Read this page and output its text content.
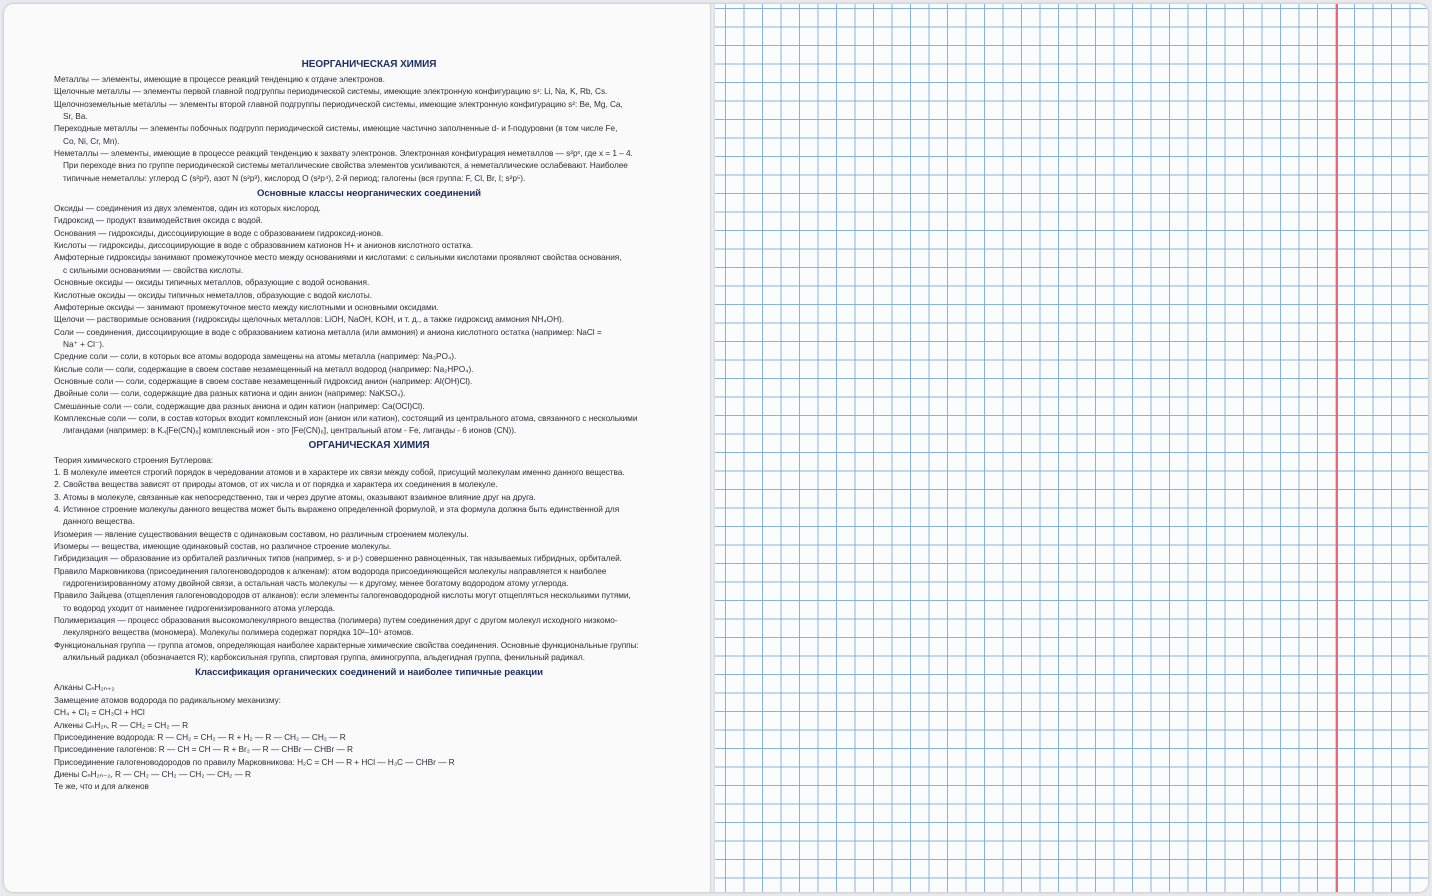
НЕОРГАНИЧЕСКАЯ ХИМИЯ
Металлы — элементы, имеющие в процессе реакций тенденцию к отдаче электронов.
Щелочные металлы — элементы первой главной подгруппы периодической системы, имеющие электронную конфигурацию s¹: Li, Na, K, Rb, Cs.
Щелочноземельные металлы — элементы второй главной подгруппы периодической системы, имеющие электронную конфигурацию s²: Be, Mg, Ca,
Sr, Ba.
Переходные металлы — элементы побочных подгрупп периодической системы, имеющие частично заполненные d- и f-подуровни (в том числе Fe,
Co, Ni, Cr, Mn).
Неметаллы — элементы, имеющие в процессе реакций тенденцию к захвату электронов. Электронная конфигурация неметаллов — s²pˣ, где x = 1 – 4.
При переходе вниз по группе периодической системы металлические свойства элементов усиливаются, а неметаллические ослабевают. Наиболее
типичные неметаллы: углерод C (s²p²), азот N (s²p³), кислород O (s²p⁴), 2-й период; галогены (вся группа: F, Cl, Br, I; s²p⁵).
Основные классы неорганических соединений
Оксиды — соединения из двух элементов, один из которых кислород.
Гидроксид — продукт взаимодействия оксида с водой.
Основания — гидроксиды, диссоциирующие в воде с образованием гидроксид-ионов.
Кислоты — гидроксиды, диссоциирующие в воде с образованием катионов H+ и анионов кислотного остатка.
Амфотерные гидроксиды занимают промежуточное место между основаниями и кислотами: с сильными кислотами проявляют свойства основания,
с сильными основаниями — свойства кислоты.
Основные оксиды — оксиды типичных металлов, образующие с водой основания.
Кислотные оксиды — оксиды типичных неметаллов, образующие с водой кислоты.
Амфотерные оксиды — занимают промежуточное место между кислотными и основными оксидами.
Щелочи — растворимые основания (гидроксиды щелочных металлов: LiOH, NaOH, KOH, и т. д., а также гидроксид аммония NH₄OH).
Соли — соединения, диссоциирующие в воде с образованием катиона металла (или аммония) и аниона кислотного остатка (например: NaCl =
Na⁺ + Cl⁻).
Средние соли — соли, в которых все атомы водорода замещены на атомы металла (например: Na₃PO₄).
Кислые соли — соли, содержащие в своем составе незамещенный на металл водород (например: Na₂HPO₄).
Основные соли — соли, содержащие в своем составе незамещенный гидроксид анион (например: Al(OH)Cl).
Двойные соли — соли, содержащие два разных катиона и один анион (например: NaKSO₄).
Смешанные соли — соли, содержащие два разных аниона и один катион (например: Ca(OCl)Cl).
Комплексные соли — соли, в состав которых входит комплексный ион (анион или катион), состоящий из центрального атома, связанного с несколькими
лигандами (например: в K₄[Fe(CN)₆] комплексный ион - это [Fe(CN)₆], центральный атом - Fe, лиганды - 6 ионов (CN)).
ОРГАНИЧЕСКАЯ ХИМИЯ
Теория химического строения Бутлерова:
1. В молекуле имеется строгий порядок в чередовании атомов и в характере их связи между собой, присущий молекулам именно данного вещества.
2. Свойства вещества зависят от природы атомов, от их числа и от порядка и характера их соединения в молекуле.
3. Атомы в молекуле, связанные как непосредственно, так и через другие атомы, оказывают взаимное влияние друг на друга.
4. Истинное строение молекулы данного вещества может быть выражено определенной формулой, и эта формула должна быть единственной для
данного вещества.
Изомерия — явление существования веществ с одинаковым составом, но различным строением молекулы.
Изомеры — вещества, имеющие одинаковый состав, но различное строение молекулы.
Гибридизация — образование из орбиталей различных типов (например, s- и p-) совершенно равноценных, так называемых гибридных, орбиталей.
Правило Марковникова (присоединения галогеноводородов к алкенам): атом водорода присоединяющейся молекулы направляется к наиболее
гидрогенизированному атому двойной связи, а остальная часть молекулы — к другому, менее богатому водородом атому углерода.
Правило Зайцева (отщепления галогеноводородов от алканов): если элементы галогеноводородной кислоты могут отщепляться несколькими путями,
то водород уходит от наименее гидрогенизированного атома углерода.
Полимеризация — процесс образования высокомолекулярного вещества (полимера) путем соединения друг с другом молекул исходного низкомо-
лекулярного вещества (мономера). Молекулы полимера содержат порядка 10²–10⁵ атомов.
Функциональная группа — группа атомов, определяющая наиболее характерные химические свойства соединения. Основные функциональные группы:
алкильный радикал (обозначается R); карбоксильная группа, спиртовая группа, аминогруппа, альдегидная группа, фенильный радикал.
Классификация органических соединений и наиболее типичные реакции
Алканы CₙH₂ₙ₊₂
Замещение атомов водорода по радикальному механизму:
CH₄ + Cl₂ = CH₃Cl + HCl
Алкены CₙH₂ₙ, R — CH₂ = CH₂ — R
Присоединение водорода: R — CH₂ = CH₂ — R + H₂ — R — CH₂ — CH₂ — R
Присоединение галогенов: R — CH = CH — R + Br₂ — R — CHBr — CHBr — R
Присоединение галогеноводородов по правилу Марковникова: H₂C = CH — R + HCl — H₃C — CHBr — R
Диены CₙH₂ₙ₋₂, R — CH₂ — CH₂ — CH₂ — CH₂ — R
Те же, что и для алкенов
